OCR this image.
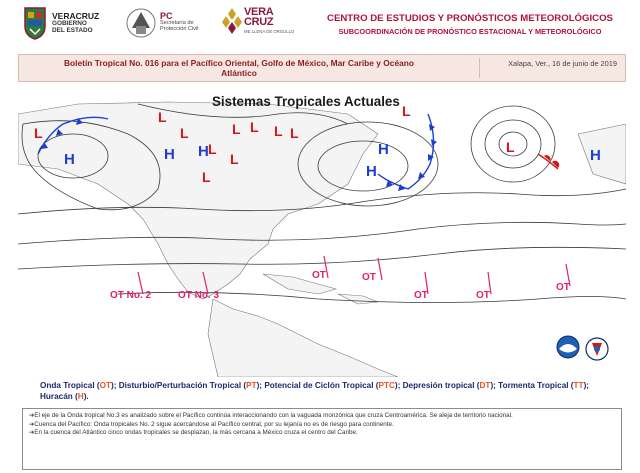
VERACRUZ
GOBIERNO
DEL ESTADO
PC
Secretaría de
Protección Civil
VERA
CRUZ
ME LLENA DE ORGULLO
CENTRO DE ESTUDIOS Y PRONÓSTICOS METEOROLÓGICOS
SUBCOORDINACIÓN DE PRONÓSTICO ESTACIONAL Y METEOROLÓGICO
Boletín Tropical No. 016 para el Pacífico Oriental, Golfo de México, Mar Caribe y Océano
Atlántico
Xalapa, Ver., 16 de junio de 2019
H	H H
H
H	H
L
L
L
L
L L L L
L
L
L
L
OT No. 2	OT No. 3
OT	OT
OT	OT
OT
Sistemas Tropicales Actuales
Onda Tropical (OT); Disturbio/Perturbación Tropical (PT); Potencial de Ciclón Tropical (PTC); Depresión tropical (DT); Tormenta Tropical (TT); Huracán (H).

➔El eje de la Onda tropical No.3 es analizado sobre el Pacífico continúa interaccionando con la vaguada monzónica que cruza Centroamérica. Se aleja de territorio nacional.

➔Cuenca del Pacífico: Onda tropicales No. 2 sigue acercándose al Pacífico central, por su lejanía no es de riesgo para continente.

➔En la cuenca del Atlántico cinco ondas tropicales se desplazan, la más cercana a México cruza el centro del Caribe.
